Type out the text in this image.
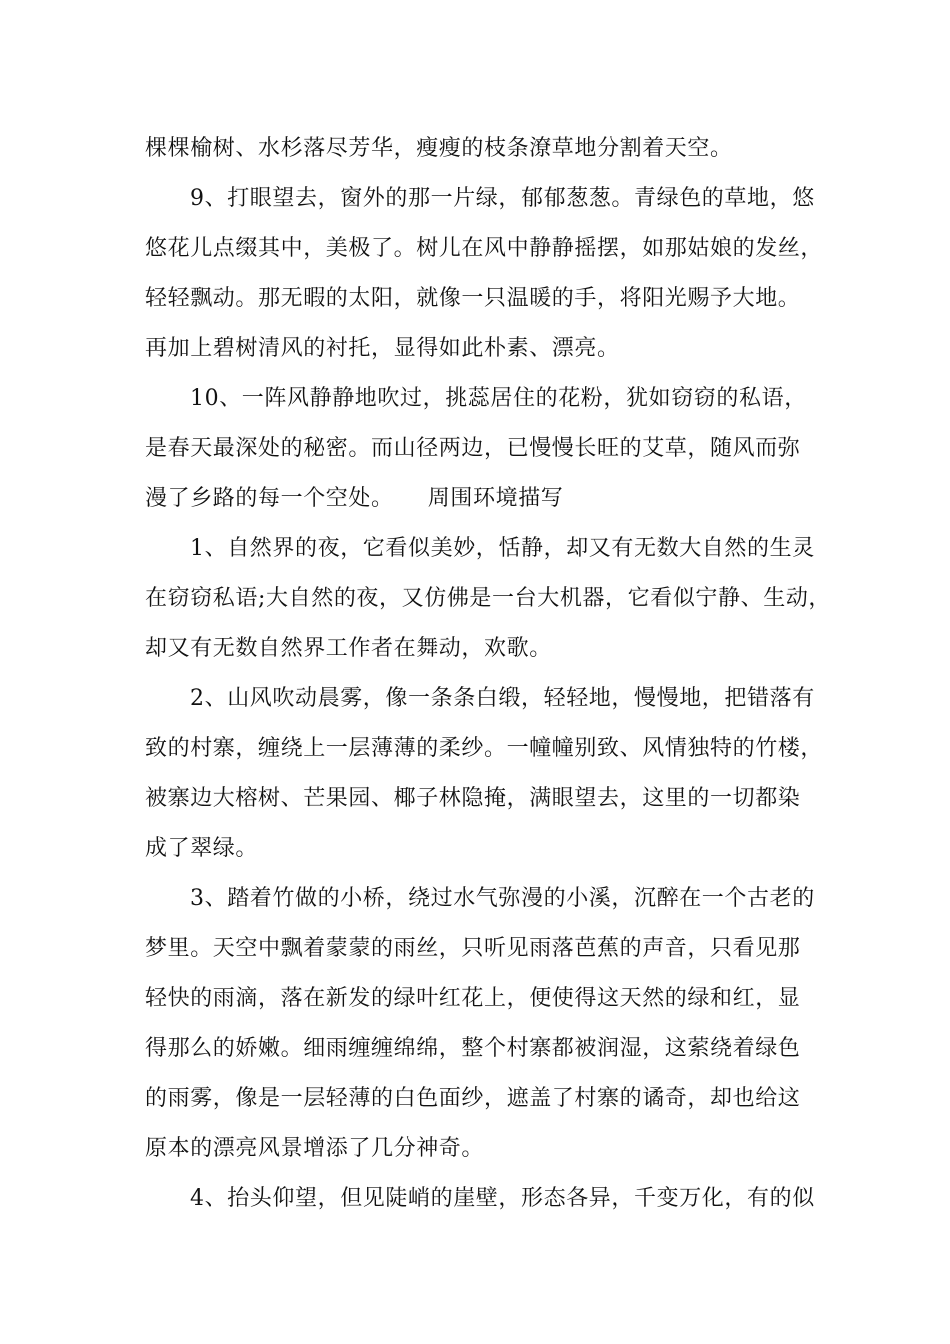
棵棵榆树、水杉落尽芳华，瘦瘦的枝条潦草地分割着天空。
9、打眼望去，窗外的那一片绿，郁郁葱葱。青绿色的草地，悠
悠花儿点缀其中，美极了。树儿在风中静静摇摆，如那姑娘的发丝，
轻轻飘动。那无暇的太阳，就像一只温暖的手，将阳光赐予大地。
再加上碧树清风的衬托，显得如此朴素、漂亮。
10、一阵风静静地吹过，挑蕊居住的花粉，犹如窃窃的私语，
是春天最深处的秘密。而山径两边，已慢慢长旺的艾草，随风而弥
漫了乡路的每一个空处。　　周围环境描写
1、自然界的夜，它看似美妙，恬静，却又有无数大自然的生灵
在窃窃私语;大自然的夜，又仿佛是一台大机器，它看似宁静、生动，
却又有无数自然界工作者在舞动，欢歌。
2、山风吹动晨雾，像一条条白缎，轻轻地，慢慢地，把错落有
致的村寨，缠绕上一层薄薄的柔纱。一幢幢别致、风情独特的竹楼，
被寨边大榕树、芒果园、椰子林隐掩，满眼望去，这里的一切都染
成了翠绿。
3、踏着竹做的小桥，绕过水气弥漫的小溪，沉醉在一个古老的
梦里。天空中飘着蒙蒙的雨丝，只听见雨落芭蕉的声音，只看见那
轻快的雨滴，落在新发的绿叶红花上，便使得这天然的绿和红，显
得那么的娇嫩。细雨缠缠绵绵，整个村寨都被润湿，这萦绕着绿色
的雨雾，像是一层轻薄的白色面纱，遮盖了村寨的谲奇，却也给这
原本的漂亮风景增添了几分神奇。
4、抬头仰望，但见陡峭的崖壁，形态各异，千变万化，有的似
